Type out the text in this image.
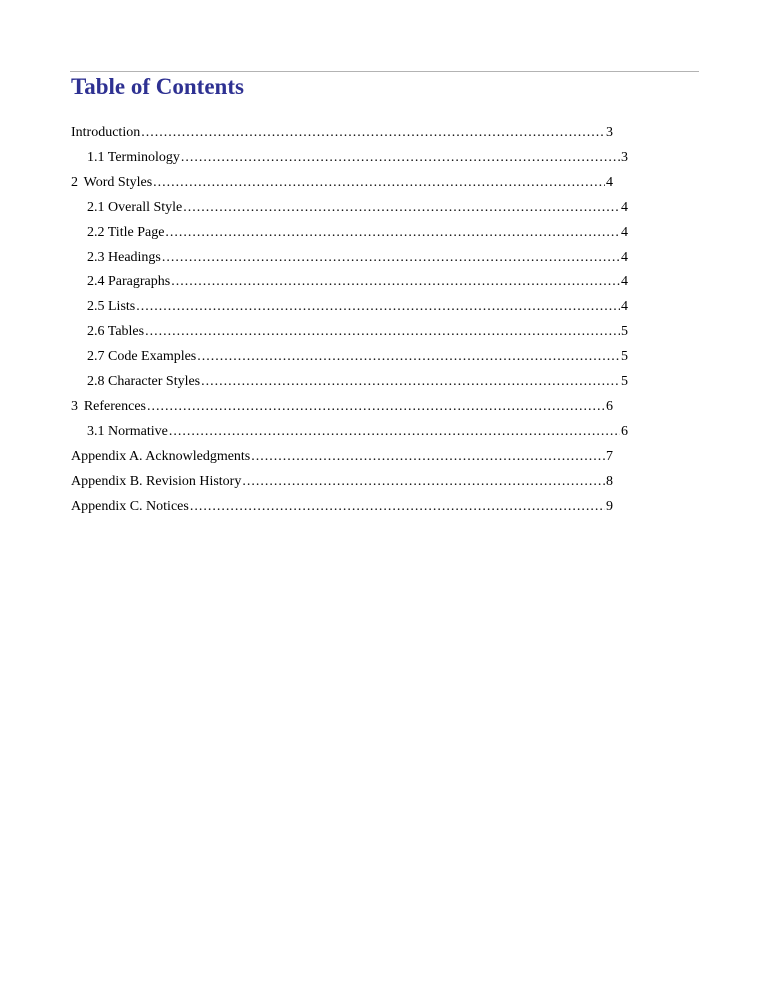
Table of Contents
Introduction .....	3
1.1 Terminology .....	3
2 Word Styles .....	4
2.1 Overall Style .....	4
2.2 Title Page .....	4
2.3 Headings .....	4
2.4 Paragraphs .....	4
2.5 Lists .....	4
2.6 Tables .....	5
2.7 Code Examples .....	5
2.8 Character Styles .....	5
3 References .....	6
3.1 Normative .....	6
Appendix A. Acknowledgments .....	7
Appendix B. Revision History .....	8
Appendix C. Notices .....	9
